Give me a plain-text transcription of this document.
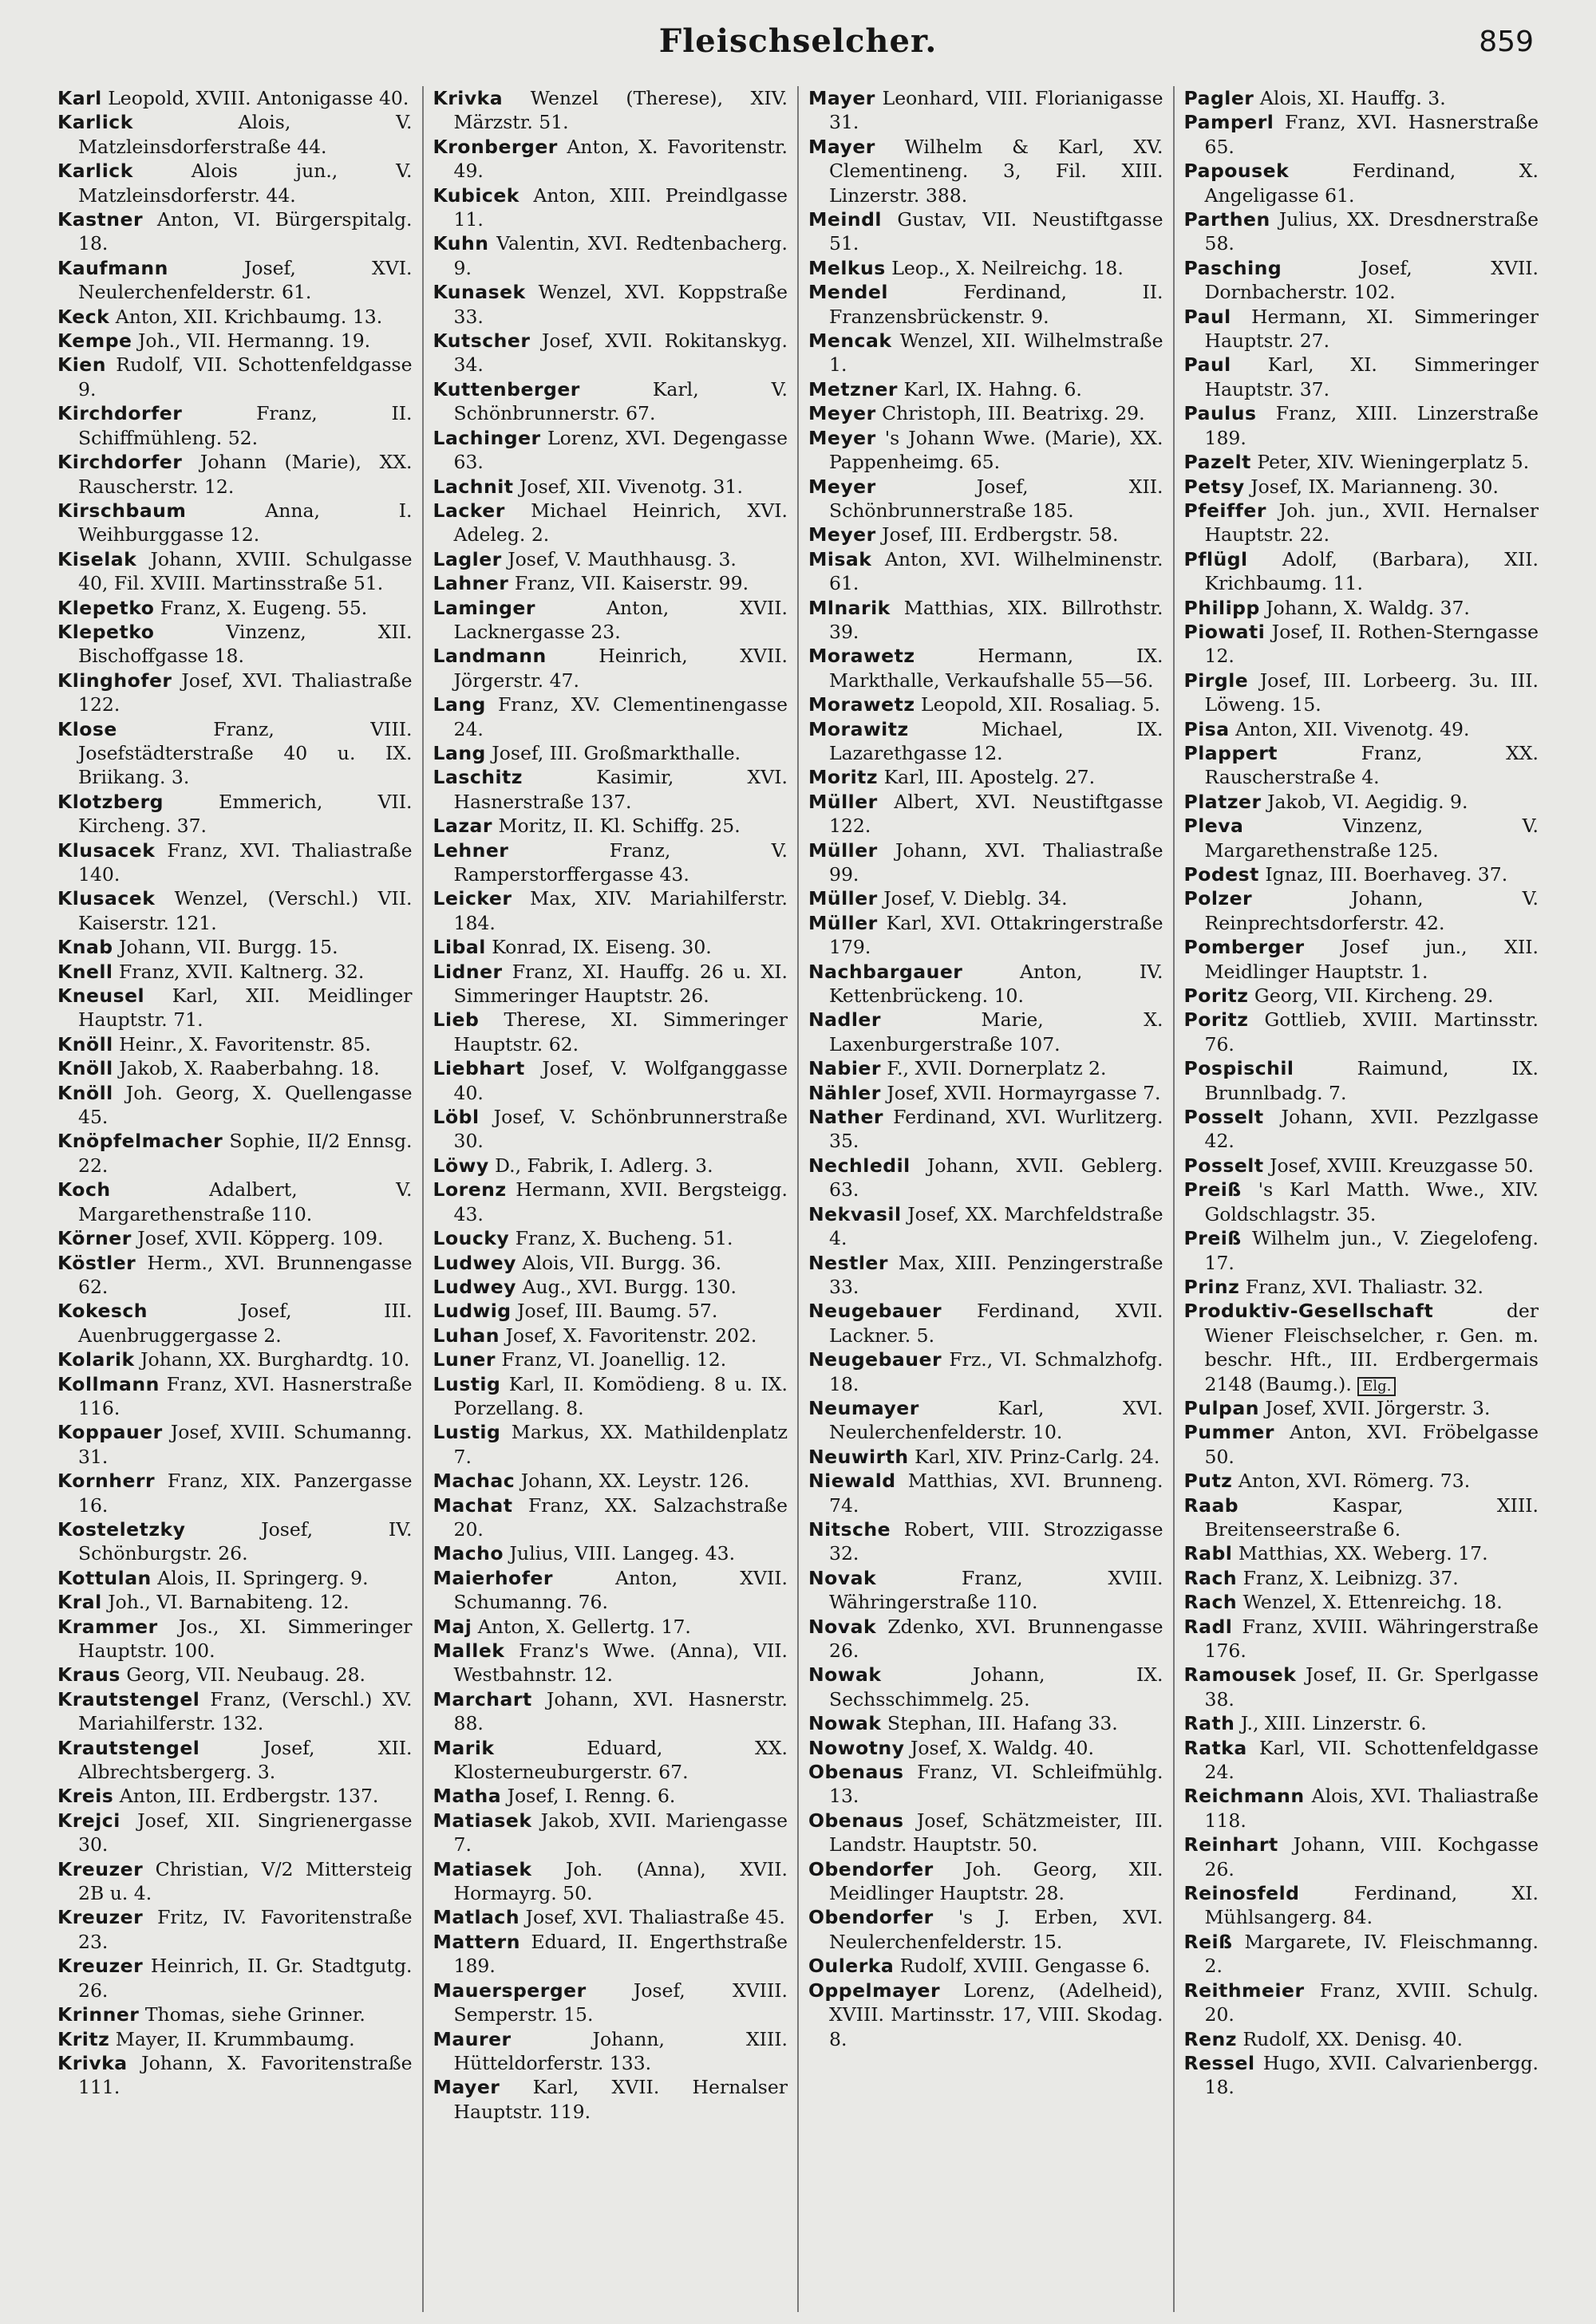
Fleischselcher.	859

Karl Leopold, XVIII. Antonigasse 40.

Karlick	Alois, V. Matzleinsdorferstraße 44.

Karlick	Alois jun., V. Matzleinsdorferstr. 44.

Kastner Anton, VI. Bürgerspitalg. 18.

Kaufmann	Josef, XVI. Neulerchenfelderstr. 61.

Keck Anton, XII. Krichbaumg. 13.

Kempe Joh., VII. Hermanng. 19.

Kien Rudolf, VII. Schottenfeldgasse 9.

Kirchdorfer	Franz, II. Schiffmühleng. 52.

Kirchdorfer Johann (Marie), XX. Rauscherstr. 12.

Kirschbaum	Anna, I. Weihburggasse 12.

Kiselak Johann, XVIII. Schulgasse 40, Fil. XVIII. Martinsstraße 51.

Klepetko Franz, X. Eugeng. 55.

Klepetko	Vinzenz, XII. Bischoffgasse 18.

Klinghofer Josef, XVI. Thaliastraße 122.

Klose	Franz, VIII. Josefstädterstraße 40 u. IX. Briikang. 3.

Klotzberg	Emmerich, VII. Kircheng. 37.

Klusacek Franz, XVI. Thaliastraße 140.

Klusacek Wenzel, (Verschl.) VII. Kaiserstr. 121.

Knab Johann, VII. Burgg. 15.

Knell Franz, XVII. Kaltnerg. 32.

Kneusel Karl, XII. Meidlinger Hauptstr. 71.

Knöll Heinr., X. Favoritenstr. 85.

Knöll Jakob, X. Raaberbahng. 18.

Knöll Joh. Georg, X. Quellengasse 45.

Knöpfelmacher Sophie, II/2 Ennsg. 22.

Koch	Adalbert, V. Margarethenstraße 110.

Körner Josef, XVII. Köpperg. 109.

Köstler Herm., XVI. Brunnengasse 62.

Kokesch	Josef, III. Auenbruggergasse 2.

Kolarik Johann, XX. Burghardtg. 10.

Kollmann Franz, XVI. Hasnerstraße 116.

Koppauer Josef, XVIII. Schumanng. 31.

Kornherr Franz, XIX. Panzergasse 16.

Kosteletzky	Josef, IV. Schönburgstr. 26.

Kottulan Alois, II. Springerg. 9.

Kral Joh., VI. Barnabiteng. 12.

Krammer Jos., XI. Simmeringer Hauptstr. 100.

Kraus Georg, VII. Neubaug. 28.

Krautstengel Franz, (Verschl.) XV. Mariahilferstr. 132.

Krautstengel	Josef, XII. Albrechtsbergerg. 3.

Kreis Anton, III. Erdbergstr. 137.

Krejci Josef, XII. Singrienergasse 30.

Kreuzer Christian, V/2 Mittersteig 2B u. 4.

Kreuzer Fritz, IV. Favoritenstraße 23.

Kreuzer Heinrich, II. Gr. Stadtgutg. 26.

Krinner Thomas, siehe Grinner.

Kritz Mayer, II. Krummbaumg.

Krivka Johann, X. Favoritenstraße 111.

Krivka Wenzel (Therese), XIV. Märzstr. 51.

Kronberger Anton, X. Favoritenstr. 49.

Kubicek Anton, XIII. Preindlgasse 11.

Kuhn Valentin, XVI. Redtenbacherg. 9.

Kunasek Wenzel, XVI. Koppstraße 33.

Kutscher Josef, XVII. Rokitanskyg. 34.

Kuttenberger	Karl, V. Schönbrunnerstr. 67.

Lachinger Lorenz, XVI. Degengasse 63.

Lachnit Josef, XII. Vivenotg. 31.

Lacker Michael Heinrich, XVI. Adeleg. 2.

Lagler Josef, V. Mauthhausg. 3.

Lahner Franz, VII. Kaiserstr. 99.

Laminger	Anton, XVII. Lacknergasse 23.

Landmann	Heinrich, XVII. Jörgerstr. 47.

Lang Franz, XV. Clementinengasse 24.

Lang Josef, III. Großmarkthalle.

Laschitz	Kasimir, XVI. Hasnerstraße 137.

Lazar Moritz, II. Kl. Schiffg. 25.

Lehner	Franz, V. Ramperstorffergasse 43.

Leicker Max, XIV. Mariahilferstr. 184.

Libal Konrad, IX. Eiseng. 30.

Lidner Franz, XI. Hauffg. 26 u. XI. Simmeringer Hauptstr. 26.

Lieb Therese, XI. Simmeringer Hauptstr. 62.

Liebhart Josef, V. Wolfganggasse 40.

Löbl Josef, V. Schönbrunnerstraße 30.

Löwy D., Fabrik, I. Adlerg. 3.

Lorenz Hermann, XVII. Bergsteigg. 43.

Loucky Franz, X. Bucheng. 51.

Ludwey Alois, VII. Burgg. 36.

Ludwey Aug., XVI. Burgg. 130.

Ludwig Josef, III. Baumg. 57.

Luhan Josef, X. Favoritenstr. 202.

Luner Franz, VI. Joanellig. 12.

Lustig Karl, II. Komödieng. 8 u. IX. Porzellang. 8.

Lustig Markus, XX. Mathildenplatz 7.

Machac Johann, XX. Leystr. 126.

Machat Franz, XX. Salzachstraße 20.

Macho Julius, VIII. Langeg. 43.

Maierhofer	Anton, XVII. Schumanng. 76.

Maj Anton, X. Gellertg. 17.

Mallek Franz's Wwe. (Anna), VII. Westbahnstr. 12.

Marchart Johann, XVI. Hasnerstr. 88.

Marik	Eduard, XX. Klosterneuburgerstr. 67.

Matha Josef, I. Renng. 6.

Matiasek Jakob, XVII. Mariengasse 7.

Matiasek Joh. (Anna), XVII. Hormayrg. 50.

Matlach Josef, XVI. Thaliastraße 45.

Mattern Eduard, II. Engerthstraße 189.

Mauersperger	Josef, XVIII. Semperstr. 15.

Maurer	Johann, XIII. Hütteldorferstr. 133.

Mayer Karl, XVII. Hernalser Hauptstr. 119.

Mayer Leonhard, VIII. Florianigasse 31.

Mayer Wilhelm & Karl, XV. Clementineng. 3, Fil. XIII. Linzerstr. 388.

Meindl Gustav, VII. Neustiftgasse 51.

Melkus Leop., X. Neilreichg. 18.

Mendel	Ferdinand, II. Franzensbrückenstr. 9.

Mencak Wenzel, XII. Wilhelmstraße 1.

Metzner Karl, IX. Hahng. 6.

Meyer Christoph, III. Beatrixg. 29.

Meyer 's Johann Wwe. (Marie), XX. Pappenheimg. 65.

Meyer	Josef, XII. Schönbrunnerstraße 185.

Meyer Josef, III. Erdbergstr. 58.

Misak Anton, XVI. Wilhelminenstr. 61.

Mlnarik Matthias, XIX. Billrothstr. 39.

Morawetz	Hermann, IX. Markthalle, Verkaufshalle 55—56.

Morawetz Leopold, XII. Rosaliag. 5.

Morawitz	Michael, IX. Lazarethgasse 12.

Moritz Karl, III. Apostelg. 27.

Müller Albert, XVI. Neustiftgasse 122.

Müller Johann, XVI. Thaliastraße 99.

Müller Josef, V. Dieblg. 34.

Müller Karl, XVI. Ottakringerstraße 179.

Nachbargauer	Anton, IV. Kettenbrückeng. 10.

Nadler	Marie, X. Laxenburgerstraße 107.

Nabier F., XVII. Dornerplatz 2.

Nähler Josef, XVII. Hormayrgasse 7.

Nather Ferdinand, XVI. Wurlitzerg. 35.

Nechledil Johann, XVII. Geblerg. 63.

Nekvasil Josef, XX. Marchfeldstraße 4.

Nestler Max, XIII. Penzingerstraße 33.

Neugebauer Ferdinand, XVII. Lackner. 5.

Neugebauer Frz., VI. Schmalzhofg. 18.

Neumayer	Karl, XVI. Neulerchenfelderstr. 10.

Neuwirth Karl, XIV. Prinz-Carlg. 24.

Niewald Matthias, XVI. Brunneng. 74.

Nitsche Robert, VIII. Strozzigasse 32.

Novak	Franz, XVIII. Währingerstraße 110.

Novak Zdenko, XVI. Brunnengasse 26.

Nowak	Johann, IX. Sechsschimmelg. 25.

Nowak Stephan, III. Hafang 33.

Nowotny Josef, X. Waldg. 40.

Obenaus Franz, VI. Schleifmühlg. 13.

Obenaus Josef, Schätzmeister, III. Landstr. Hauptstr. 50.

Obendorfer Joh. Georg, XII. Meidlinger Hauptstr. 28.

Obendorfer 's J. Erben, XVI. Neulerchenfelderstr. 15.

Oulerka Rudolf, XVIII. Gengasse 6.

Oppelmayer Lorenz, (Adelheid), XVIII. Martinsstr. 17, VIII. Skodag. 8.

Pagler Alois, XI. Hauffg. 3.

Pamperl Franz, XVI. Hasnerstraße 65.

Papousek	Ferdinand, X. Angeligasse 61.

Parthen Julius, XX. Dresdnerstraße 58.

Pasching	Josef, XVII. Dornbacherstr. 102.

Paul Hermann, XI. Simmeringer Hauptstr. 27.

Paul Karl, XI. Simmeringer Hauptstr. 37.

Paulus Franz, XIII. Linzerstraße 189.

Pazelt Peter, XIV. Wieningerplatz 5.

Petsy Josef, IX. Marianneng. 30.

Pfeiffer Joh. jun., XVII. Hernalser Hauptstr. 22.

Pflügl Adolf, (Barbara), XII. Krichbaumg. 11.

Philipp Johann, X. Waldg. 37.

Piowati Josef, II. Rothen-Sterngasse 12.

Pirgle Josef, III. Lorbeerg. 3u. III. Löweng. 15.

Pisa Anton, XII. Vivenotg. 49.

Plappert	Franz, XX. Rauscherstraße 4.

Platzer Jakob, VI. Aegidig. 9.

Pleva	Vinzenz, V. Margarethenstraße 125.

Podest Ignaz, III. Boerhaveg. 37.

Polzer	Johann, V. Reinprechtsdorferstr. 42.

Pomberger Josef jun., XII. Meidlinger Hauptstr. 1.

Poritz Georg, VII. Kircheng. 29.

Poritz Gottlieb, XVIII. Martinsstr. 76.

Pospischil	Raimund, IX. Brunnlbadg. 7.

Posselt Johann, XVII. Pezzlgasse 42.

Posselt Josef, XVIII. Kreuzgasse 50.

Preiß 's Karl Matth. Wwe., XIV. Goldschlagstr. 35.

Preiß Wilhelm jun., V. Ziegelofeng. 17.

Prinz Franz, XVI. Thaliastr. 32.

Produktiv-Gesellschaft	der Wiener Fleischselcher, r. Gen. m. beschr. Hft., III. Erdbergermais 2148 (Baumg.). Elg.

Pulpan Josef, XVII. Jörgerstr. 3.

Pummer Anton, XVI. Fröbelgasse 50.

Putz Anton, XVI. Römerg. 73.

Raab	Kaspar, XIII. Breitenseerstraße 6.

Rabl Matthias, XX. Weberg. 17.

Rach Franz, X. Leibnizg. 37.

Rach Wenzel, X. Ettenreichg. 18.

Radl Franz, XVIII. Währingerstraße 176.

Ramousek Josef, II. Gr. Sperlgasse 38.

Rath J., XIII. Linzerstr. 6.

Ratka Karl, VII. Schottenfeldgasse 24.

Reichmann Alois, XVI. Thaliastraße 118.

Reinhart Johann, VIII. Kochgasse 26.

Reinosfeld	Ferdinand, XI. Mühlsangerg. 84.

Reiß Margarete, IV. Fleischmanng. 2.

Reithmeier Franz, XVIII. Schulg. 20.

Renz Rudolf, XX. Denisg. 40.

Ressel Hugo, XVII. Calvarienbergg. 18.
